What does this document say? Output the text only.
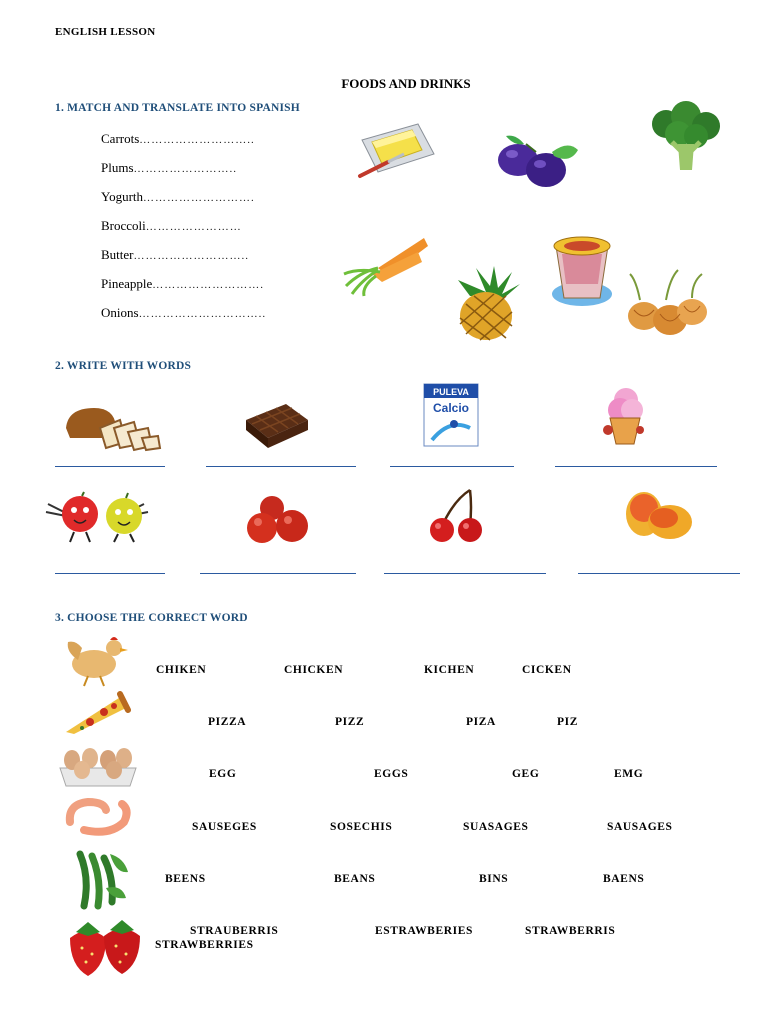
ENGLISH LESSON
FOODS AND DRINKS
1. MATCH AND TRANSLATE INTO SPANISH
Carrots………………………..
Plums……………………..
Yogurth……………………….
Broccoli……………………
Butter………………………..
Pineapple……………………….
Onions…………………………..
2. WRITE WITH WORDS
PULEVA
Calcio
3. CHOOSE THE CORRECT WORD
CHIKEN	CHICKEN	KICHEN	CICKEN
PIZZA	PIZZ	PIZA	PIZ
EGG	EGGS	GEG	EMG
SAUSEGES	SOSECHIS	SUASAGES	SAUSAGES
BEENS	BEANS	BINS	BAENS
STRAUBERRIS	ESTRAWBERIES	STRAWBERRIS
STRAWBERRIES
